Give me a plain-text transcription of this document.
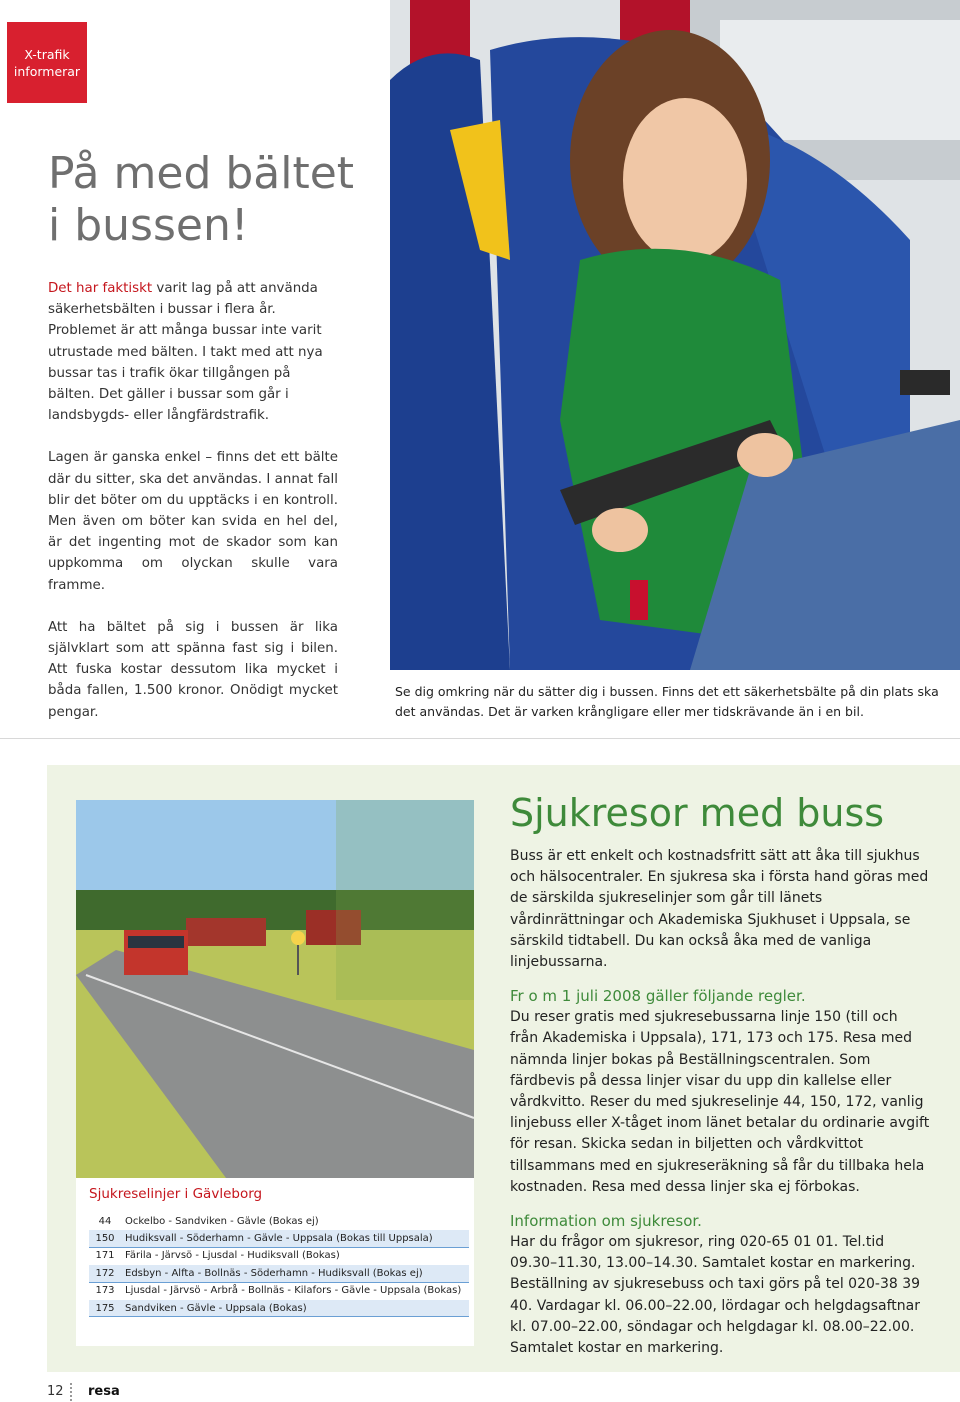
X-trafik
informerar
På med bältet
i bussen!

Det har faktiskt varit lag på att använda säkerhetsbälten i bussar i flera år. Problemet är att många bussar inte varit utrustade med bälten. I takt med att nya bussar tas i trafik ökar tillgången på bälten. Det gäller i bussar som går i landsbygds- eller långfärdstrafik.

Lagen är ganska enkel – finns det ett bälte där du sitter, ska det användas. I annat fall blir det böter om du upptäcks i en kontroll. Men även om böter kan svida en hel del, är det ingenting mot de skador som kan uppkomma om olyckan skulle vara framme.

Att ha bältet på sig i bussen är lika självklart som att spänna fast sig i bilen. Att fuska kostar dessutom lika mycket i båda fallen, 1.500 kronor. Onödigt mycket pengar.

Se dig omkring när du sätter dig i bussen. Finns det ett säkerhetsbälte på din plats ska det användas. Det är varken krångligare eller mer tidskrävande än i en bil.
Sjukreselinjer i Gävleborg
44	Ockelbo - Sandviken - Gävle (Bokas ej)
150	Hudiksvall - Söderhamn - Gävle - Uppsala (Bokas till Uppsala)
171	Färila - Järvsö - Ljusdal - Hudiksvall (Bokas)
172	Edsbyn - Alfta - Bollnäs - Söderhamn - Hudiksvall (Bokas ej)
173	Ljusdal - Järvsö - Arbrå - Bollnäs - Kilafors - Gävle - Uppsala (Bokas)
175	Sandviken - Gävle - Uppsala (Bokas)
Sjukresor med buss

Buss är ett enkelt och kostnadsfritt sätt att åka till sjukhus och hälsocentraler. En sjukresa ska i första hand göras med de särskilda sjukreselinjer som går till länets vårdinrättningar och Akademiska Sjukhuset i Uppsala, se särskild tidtabell. Du kan också åka med de vanliga linjebussarna.

Fr o m 1 juli 2008 gäller följande regler.

Du reser gratis med sjukresebussarna linje 150 (till och från Akademiska i Uppsala), 171, 173 och 175. Resa med nämnda linjer bokas på Beställningscentralen. Som färdbevis på dessa linjer visar du upp din kallelse eller vårdkvitto. Reser du med sjukreselinje 44, 150, 172, vanlig linjebuss eller X-tåget inom länet betalar du ordinarie avgift för resan. Skicka sedan in biljetten och vårdkvittot tillsammans med en sjukreseräkning så får du tillbaka hela kostnaden. Resa med dessa linjer ska ej förbokas.

Information om sjukresor.

Har du frågor om sjukresor, ring 020-65 01 01. Tel.tid 09.30–11.30, 13.00–14.30. Samtalet kostar en markering. Beställning av sjukresebuss och taxi görs på tel 020-38 39 40. Vardagar kl. 06.00–22.00, lördagar och helgdagsaftnar kl. 07.00–22.00, söndagar och helgdagar kl. 08.00–22.00. Samtalet kostar en markering.

12 resa
